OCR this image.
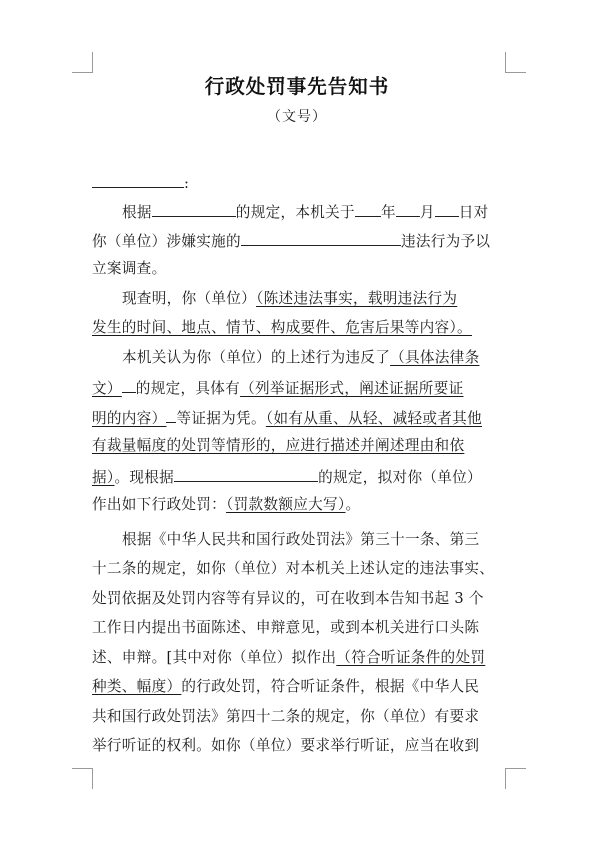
行政处罚事先告知书
（文号）
:
根据	的规定，本机关于 年 月 日对
你（单位）涉嫌实施的	违法行为予以
立案调查。
现查明，你（单位）（陈述违法事实，载明违法行为
发生的时间、地点、情节、构成要件、危害后果等内容）。
本机关认为你（单位）的上述行为违反了（具体法律条
文） 的规定，具体有（列举证据形式，阐述证据所要证
明的内容） 等证据为凭。（如有从重、从轻、减轻或者其他
有裁量幅度的处罚等情形的，应进行描述并阐述理由和依
据）。现根据	的规定，拟对你（单位）
作出如下行政处罚：（罚款数额应大写）。
根据《中华人民共和国行政处罚法》第三十一条、第三
十二条的规定，如你（单位）对本机关上述认定的违法事实、
处罚依据及处罚内容等有异议的，可在收到本告知书起 3 个
工作日内提出书面陈述、申辩意见，或到本机关进行口头陈
述、申辩。[其中对你（单位）拟作出（符合听证条件的处罚
种类、幅度）的行政处罚，符合听证条件，根据《中华人民
共和国行政处罚法》第四十二条的规定，你（单位）有要求
举行听证的权利。如你（单位）要求举行听证，应当在收到
